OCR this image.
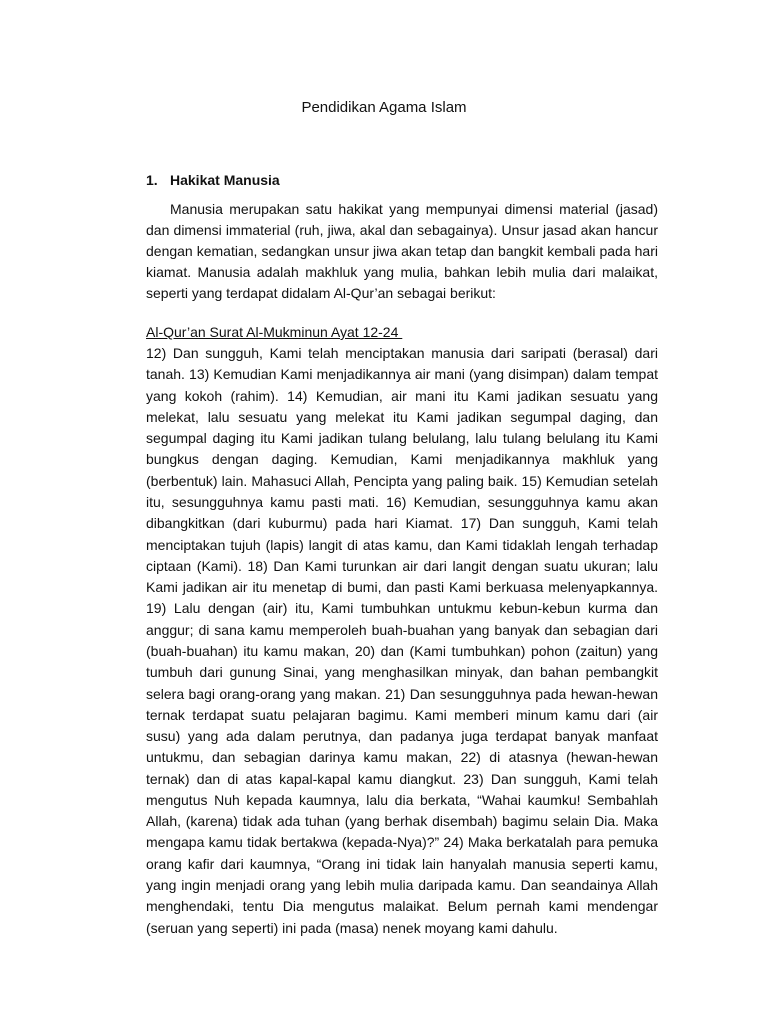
Pendidikan Agama Islam
1. Hakikat Manusia

Manusia merupakan satu hakikat yang mempunyai dimensi material (jasad) dan dimensi immaterial (ruh, jiwa, akal dan sebagainya). Unsur jasad akan hancur dengan kematian, sedangkan unsur jiwa akan tetap dan bangkit kembali pada hari kiamat. Manusia adalah makhluk yang mulia, bahkan lebih mulia dari malaikat, seperti yang terdapat didalam Al-Qur’an sebagai berikut:

Al-Qur’an Surat Al-Mukminun Ayat 12-24

12) Dan sungguh, Kami telah menciptakan manusia dari saripati (berasal) dari tanah. 13) Kemudian Kami menjadikannya air mani (yang disimpan) dalam tempat yang kokoh (rahim). 14) Kemudian, air mani itu Kami jadikan sesuatu yang melekat, lalu sesuatu yang melekat itu Kami jadikan segumpal daging, dan segumpal daging itu Kami jadikan tulang belulang, lalu tulang belulang itu Kami bungkus dengan daging. Kemudian, Kami menjadikannya makhluk yang (berbentuk) lain. Mahasuci Allah, Pencipta yang paling baik. 15) Kemudian setelah itu, sesungguhnya kamu pasti mati. 16) Kemudian, sesungguhnya kamu akan dibangkitkan (dari kuburmu) pada hari Kiamat. 17) Dan sungguh, Kami telah menciptakan tujuh (lapis) langit di atas kamu, dan Kami tidaklah lengah terhadap ciptaan (Kami). 18) Dan Kami turunkan air dari langit dengan suatu ukuran; lalu Kami jadikan air itu menetap di bumi, dan pasti Kami berkuasa melenyapkannya. 19) Lalu dengan (air) itu, Kami tumbuhkan untukmu kebun-kebun kurma dan anggur; di sana kamu memperoleh buah-buahan yang banyak dan sebagian dari (buah-buahan) itu kamu makan, 20) dan (Kami tumbuhkan) pohon (zaitun) yang tumbuh dari gunung Sinai, yang menghasilkan minyak, dan bahan pembangkit selera bagi orang-orang yang makan. 21) Dan sesungguhnya pada hewan-hewan ternak terdapat suatu pelajaran bagimu. Kami memberi minum kamu dari (air susu) yang ada dalam perutnya, dan padanya juga terdapat banyak manfaat untukmu, dan sebagian darinya kamu makan, 22) di atasnya (hewan-hewan ternak) dan di atas kapal-kapal kamu diangkut. 23) Dan sungguh, Kami telah mengutus Nuh kepada kaumnya, lalu dia berkata, “Wahai kaumku! Sembahlah Allah, (karena) tidak ada tuhan (yang berhak disembah) bagimu selain Dia. Maka mengapa kamu tidak bertakwa (kepada-Nya)?” 24) Maka berkatalah para pemuka orang kafir dari kaumnya, “Orang ini tidak lain hanyalah manusia seperti kamu, yang ingin menjadi orang yang lebih mulia daripada kamu. Dan seandainya Allah menghendaki, tentu Dia mengutus malaikat. Belum pernah kami mendengar (seruan yang seperti) ini pada (masa) nenek moyang kami dahulu.
